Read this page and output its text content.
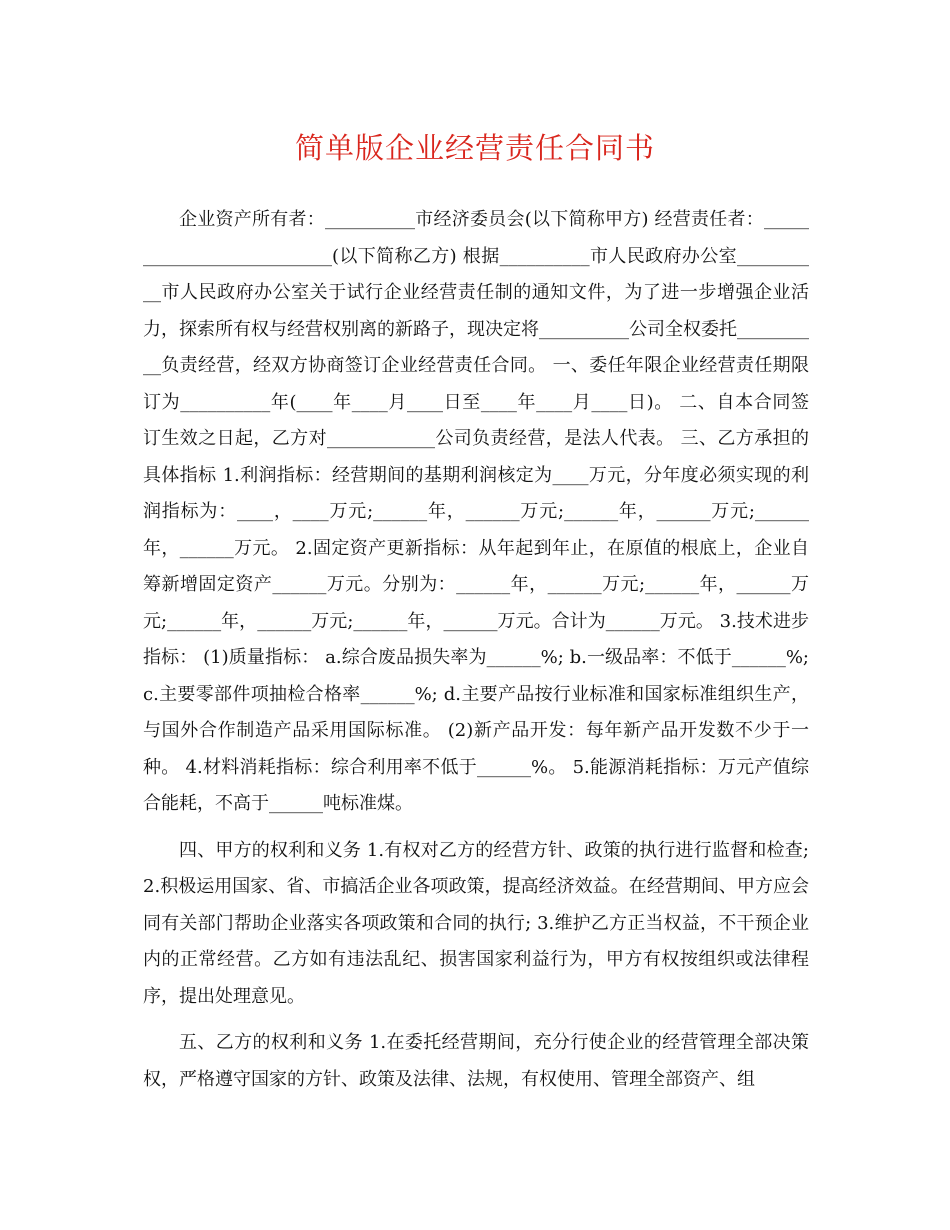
简单版企业经营责任合同书

企业资产所有者：__________市经济委员会(以下简称甲方) 经营责任者：__________________________(以下简称乙方) 根据__________市人民政府办公室__________市人民政府办公室关于试行企业经营责任制的通知文件，为了进一步增强企业活力，探索所有权与经营权别离的新路子，现决定将__________公司全权委托__________负责经营，经双方协商签订企业经营责任合同。 一、委任年限企业经营责任期限订为__________年(____年____月____日至____年____月____日)。 二、自本合同签订生效之日起，乙方对____________公司负责经营，是法人代表。 三、乙方承担的具体指标 1.利润指标：经营期间的基期利润核定为____万元，分年度必须实现的利润指标为：____，____万元;______年，______万元;______年，______万元;______年，______万元。 2.固定资产更新指标：从年起到年止，在原值的根底上，企业自筹新增固定资产______万元。分别为：______年，______万元;______年，______万元;______年，______万元;______年，______万元。合计为______万元。 3.技术进步指标： (1)质量指标： a.综合废品损失率为______%; b.一级品率：不低于______%; c.主要零部件项抽检合格率______%; d.主要产品按行业标准和国家标准组织生产，与国外合作制造产品采用国际标准。 (2)新产品开发：每年新产品开发数不少于一种。 4.材料消耗指标：综合利用率不低于______%。 5.能源消耗指标：万元产值综合能耗，不高于______吨标准煤。

四、甲方的权利和义务 1.有权对乙方的经营方针、政策的执行进行监督和检查; 2.积极运用国家、省、市搞活企业各项政策，提高经济效益。在经营期间、甲方应会同有关部门帮助企业落实各项政策和合同的执行; 3.维护乙方正当权益，不干预企业内的正常经营。乙方如有违法乱纪、损害国家利益行为，甲方有权按组织或法律程序，提出处理意见。

五、乙方的权利和义务 1.在委托经营期间，充分行使企业的经营管理全部决策权，严格遵守国家的方针、政策及法律、法规，有权使用、管理全部资产、组
